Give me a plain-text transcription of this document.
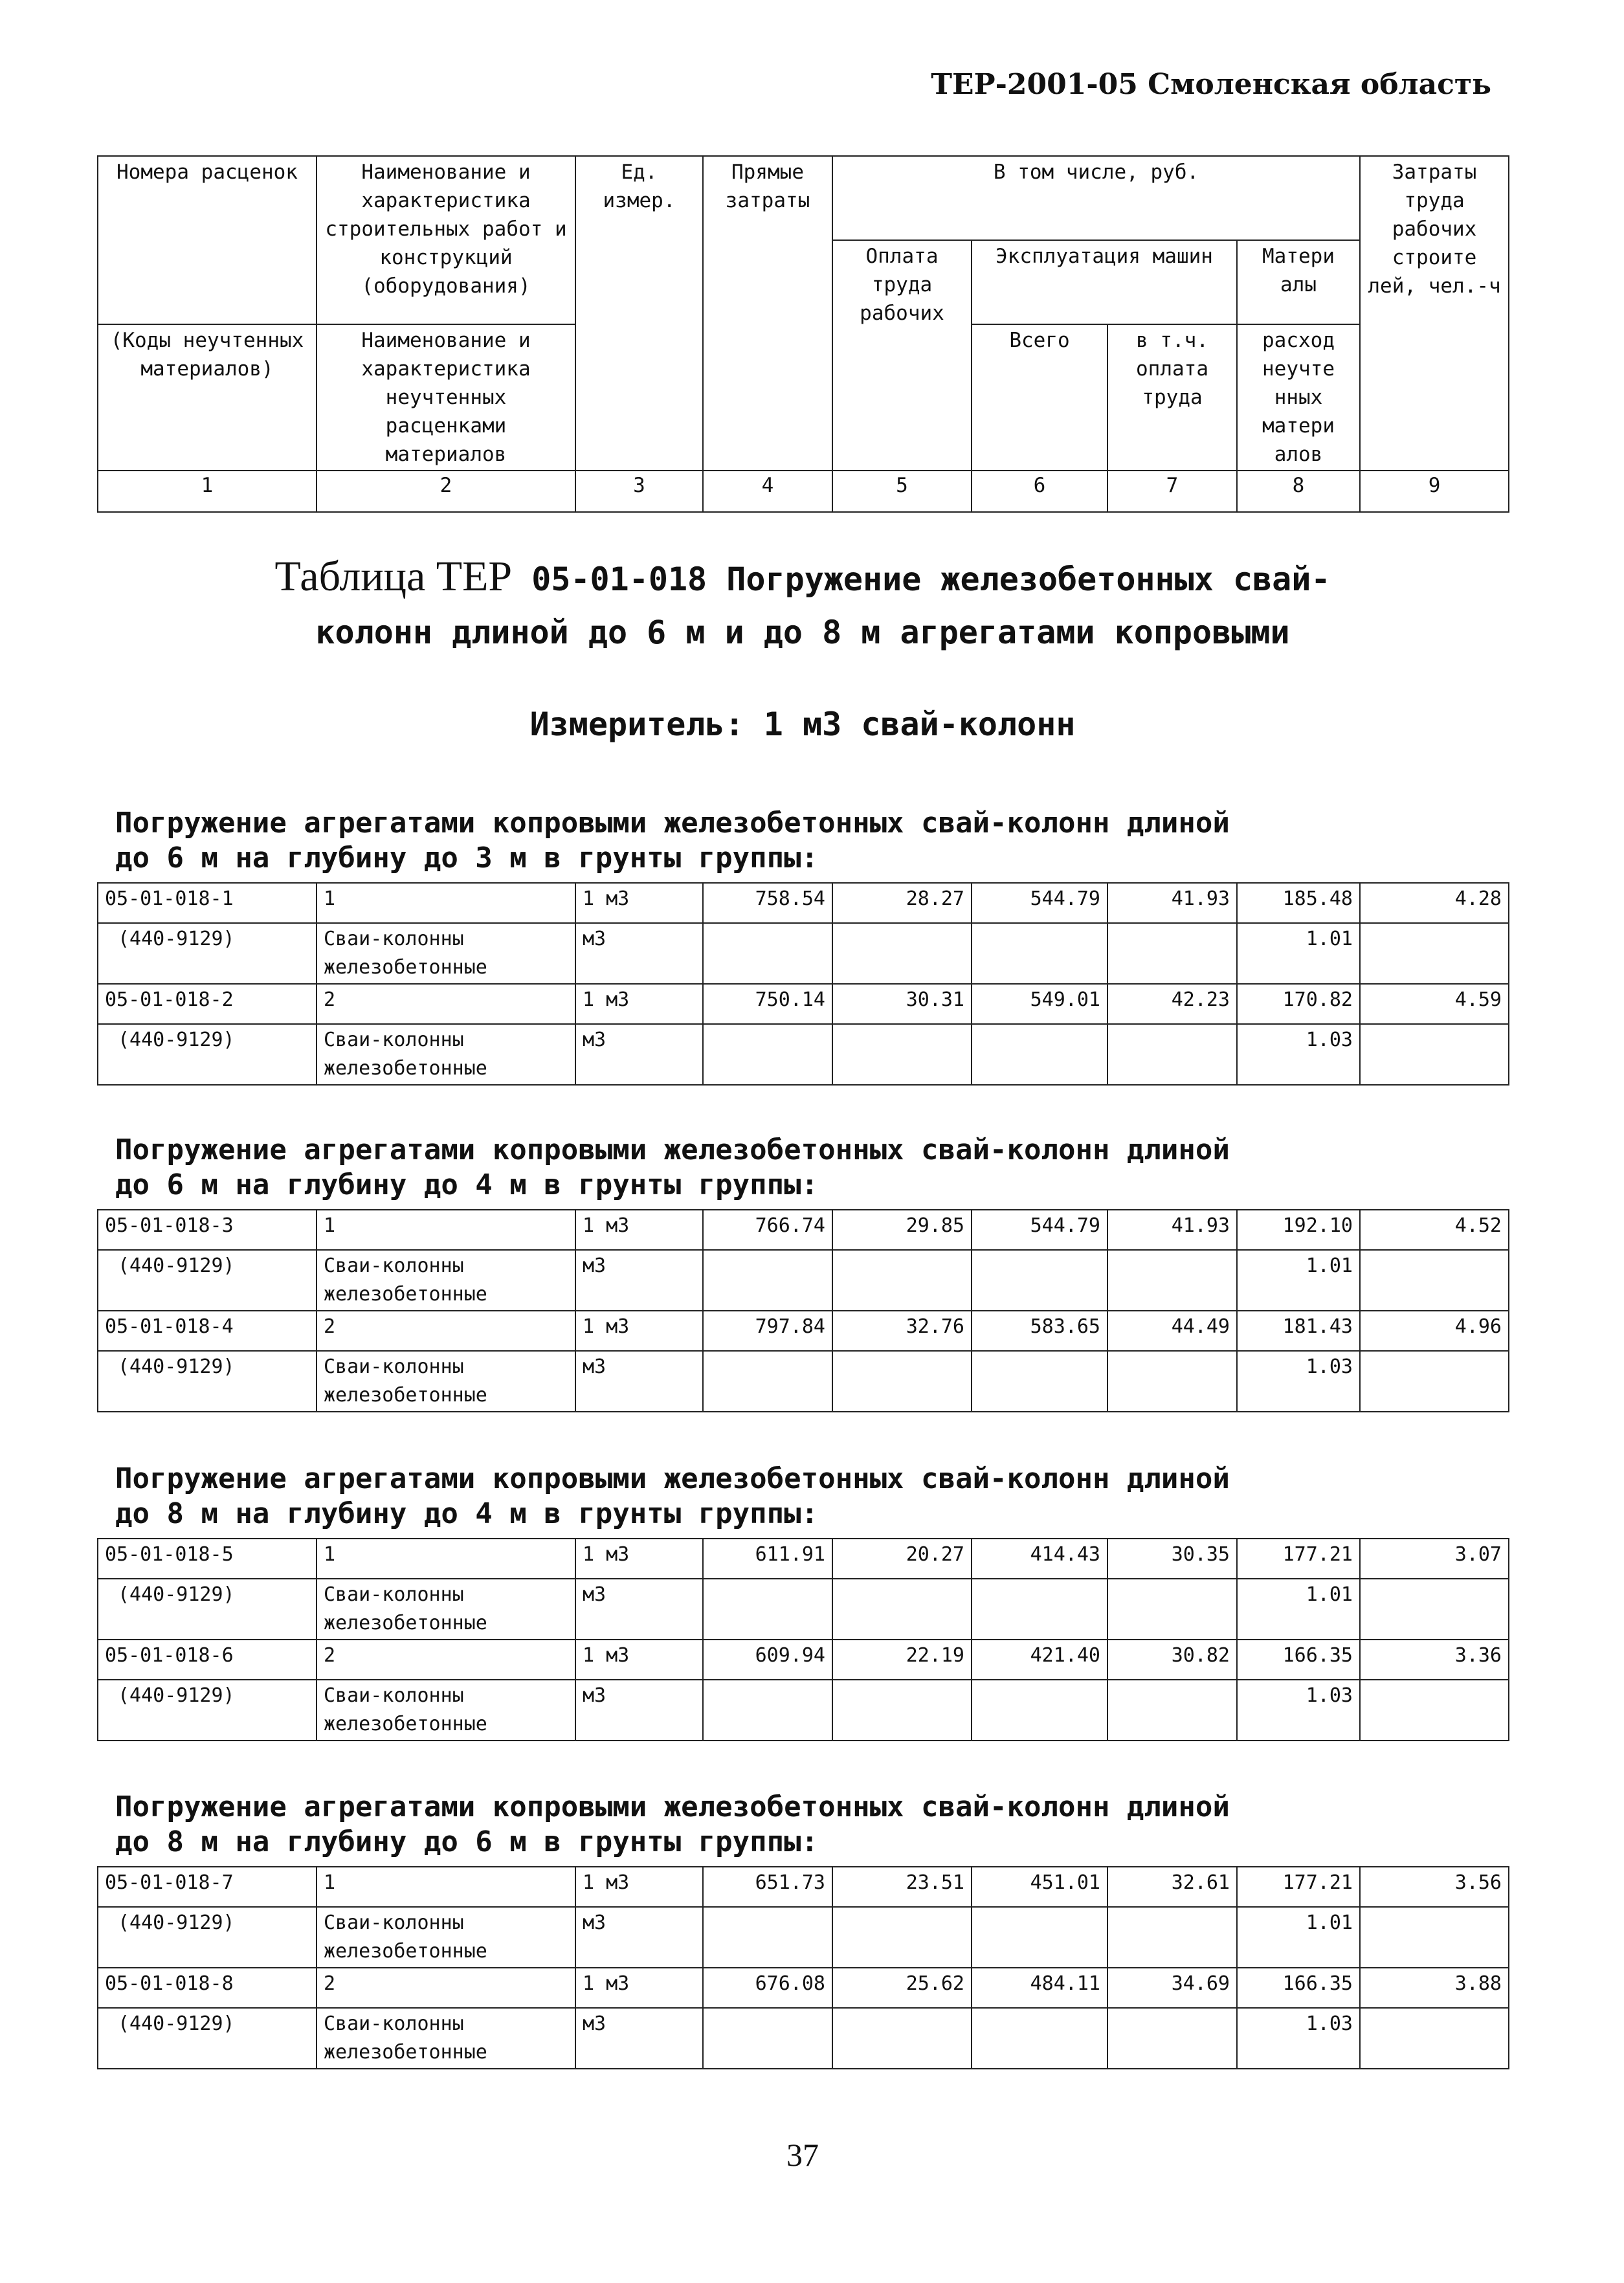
ТЕР-2001-05 Смоленская область
Номера расценок	Наименование и характеристика строительных работ и конструкций (оборудования)	Ед. измер.	Прямые затраты	В том числе, руб.				Затраты труда рабочих строите лей, чел.-ч
				Оплата труда рабочих	Эксплуатация машин		Матери алы	
(Коды неучтенных материалов)	Наименование и характеристика неучтенных расценками материалов				Всего	в т.ч. оплата труда	расход неучте нных матери алов	

1	2	3	4	5	6	7	8	9
Таблица ТЕР 05-01-018 Погружение железобетонных свай-
колонн длиной до 6 м и до 8 м агрегатами копровыми
Измеритель: 1 м3 свай-колонн
Погружение агрегатами копровыми железобетонных свай-колонн длиной
до 6 м на глубину до 3 м в грунты группы:
05-01-018-1	1	1 м3	758.54	28.27	544.79	41.93	185.48	4.28
(440-9129)	Сваи-колонны железобетонные	м3					1.01	
05-01-018-2	2	1 м3	750.14	30.31	549.01	42.23	170.82	4.59
(440-9129)	Сваи-колонны железобетонные	м3					1.03	
Погружение агрегатами копровыми железобетонных свай-колонн длиной
до 6 м на глубину до 4 м в грунты группы:
05-01-018-3	1	1 м3	766.74	29.85	544.79	41.93	192.10	4.52
(440-9129)	Сваи-колонны железобетонные	м3					1.01	
05-01-018-4	2	1 м3	797.84	32.76	583.65	44.49	181.43	4.96
(440-9129)	Сваи-колонны железобетонные	м3					1.03	
Погружение агрегатами копровыми железобетонных свай-колонн длиной
до 8 м на глубину до 4 м в грунты группы:
05-01-018-5	1	1 м3	611.91	20.27	414.43	30.35	177.21	3.07
(440-9129)	Сваи-колонны железобетонные	м3					1.01	
05-01-018-6	2	1 м3	609.94	22.19	421.40	30.82	166.35	3.36
(440-9129)	Сваи-колонны железобетонные	м3					1.03	
Погружение агрегатами копровыми железобетонных свай-колонн длиной
до 8 м на глубину до 6 м в грунты группы:
05-01-018-7	1	1 м3	651.73	23.51	451.01	32.61	177.21	3.56
(440-9129)	Сваи-колонны железобетонные	м3					1.01	
05-01-018-8	2	1 м3	676.08	25.62	484.11	34.69	166.35	3.88
(440-9129)	Сваи-колонны железобетонные	м3					1.03	
37
